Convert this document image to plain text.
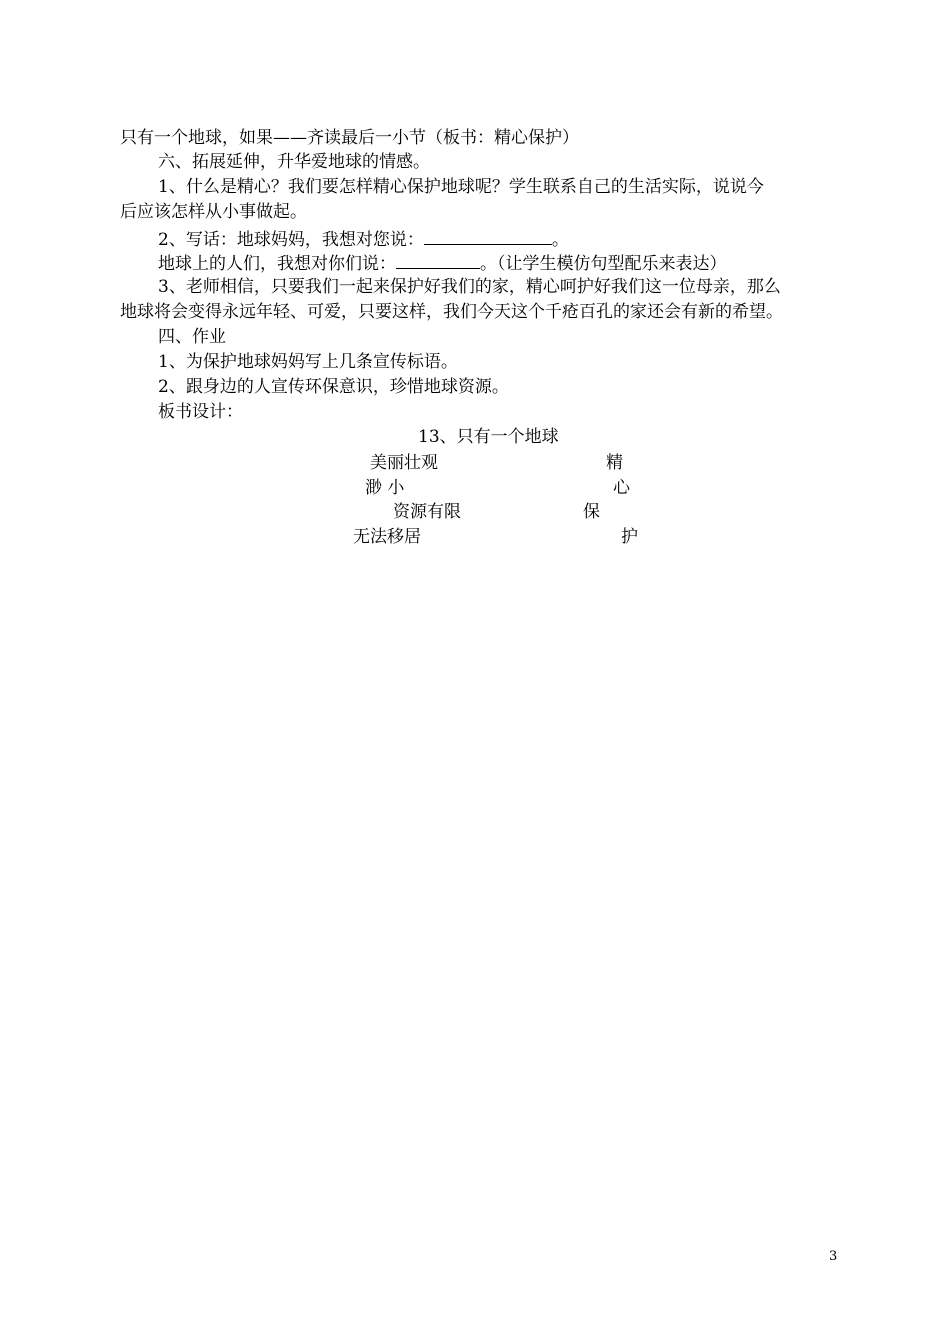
只有一个地球，如果——齐读最后一小节（板书：精心保护）
六、拓展延伸，升华爱地球的情感。
1、什么是精心？我们要怎样精心保护地球呢？学生联系自己的生活实际，说说今
后应该怎样从小事做起。
2、写话：地球妈妈，我想对您说：	。
地球上的人们，我想对你们说：	。（让学生模仿句型配乐来表达）
3、老师相信，只要我们一起来保护好我们的家，精心呵护好我们这一位母亲，那么
地球将会变得永远年轻、可爱，只要这样，我们今天这个千疮百孔的家还会有新的希望。
四、作业
1、为保护地球妈妈写上几条宣传标语。
2、跟身边的人宣传环保意识，珍惜地球资源。
板书设计：
13、只有一个地球
美丽壮观	精
渺 小	心
资源有限	保
无法移居	护
3
